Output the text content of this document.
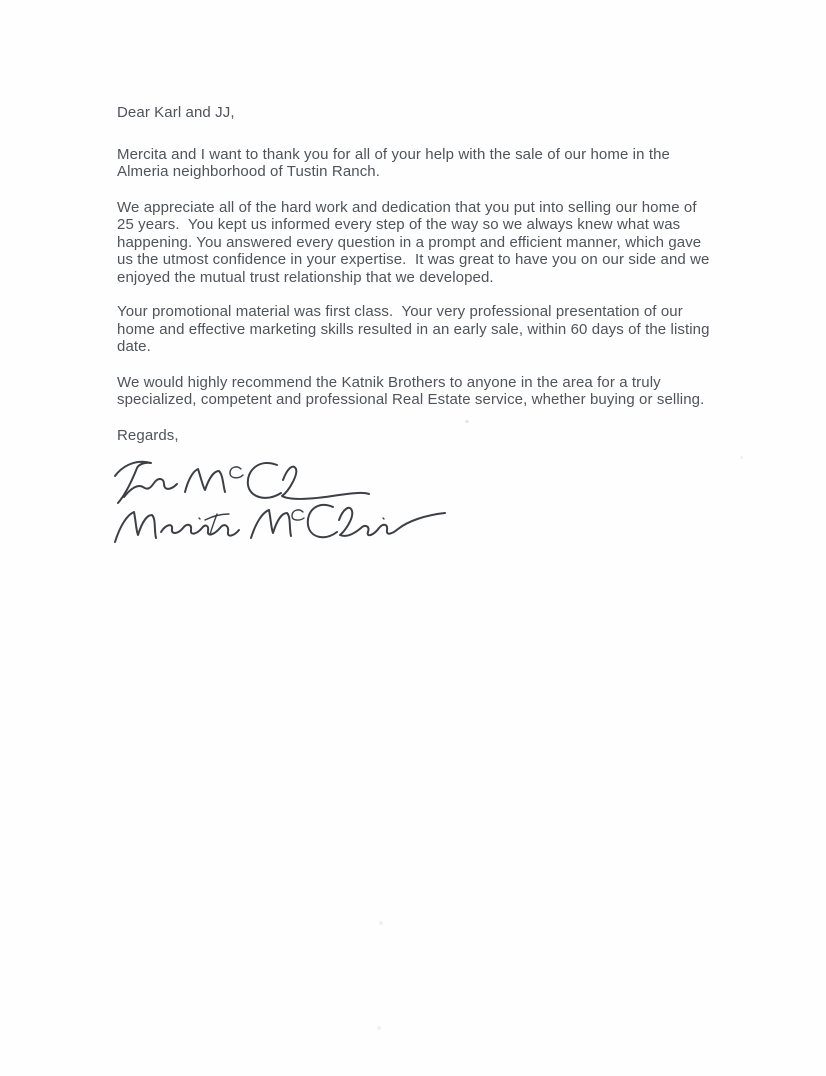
Dear Karl and JJ,
Mercita and I want to thank you for all of your help with the sale of our home in the
Almeria neighborhood of Tustin Ranch.
We appreciate all of the hard work and dedication that you put into selling our home of
25 years.  You kept us informed every step of the way so we always knew what was
happening. You answered every question in a prompt and efficient manner, which gave
us the utmost confidence in your expertise.  It was great to have you on our side and we
enjoyed the mutual trust relationship that we developed.
Your promotional material was first class.  Your very professional presentation of our
home and effective marketing skills resulted in an early sale, within 60 days of the listing
date.
We would highly recommend the Katnik Brothers to anyone in the area for a truly
specialized, competent and professional Real Estate service, whether buying or selling.
Regards,
